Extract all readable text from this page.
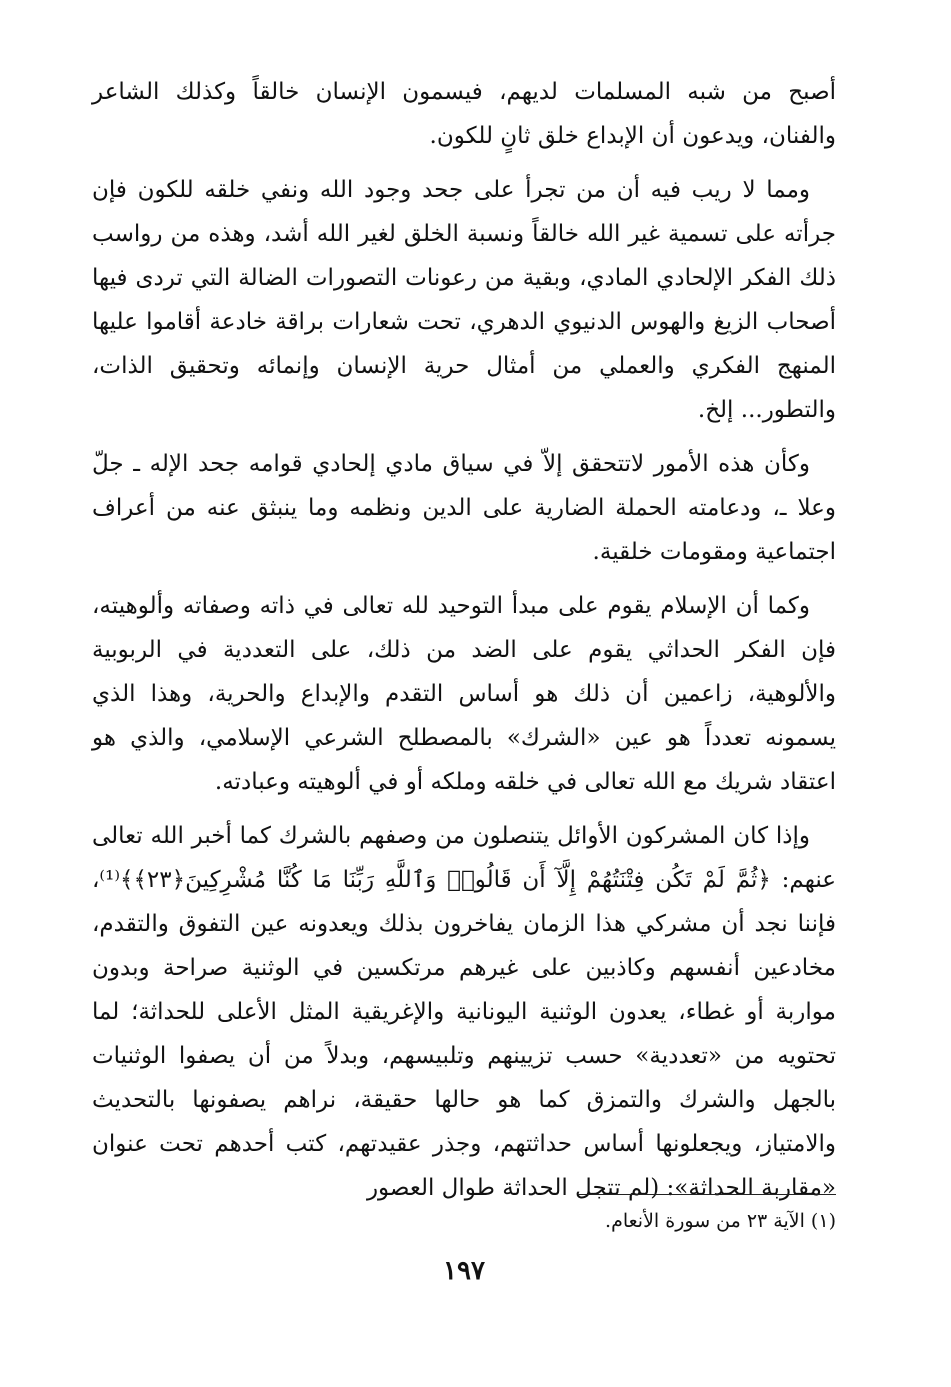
أصبح من شبه المسلمات لديهم، فيسمون الإنسان خالقاً وكذلك الشاعر والفنان، ويدعون أن الإبداع خلق ثانٍ للكون.

ومما لا ريب فيه أن من تجرأ على جحد وجود الله ونفي خلقه للكون فإن جرأته على تسمية غير الله خالقاً ونسبة الخلق لغير الله أشد، وهذه من رواسب ذلك الفكر الإلحادي المادي، وبقية من رعونات التصورات الضالة التي تردى فيها أصحاب الزيغ والهوس الدنيوي الدهري، تحت شعارات براقة خادعة أقاموا عليها المنهج الفكري والعملي من أمثال حرية الإنسان وإنمائه وتحقيق الذات، والتطور... إلخ.

وكأن هذه الأمور لاتتحقق إلاّ في سياق مادي إلحادي قوامه جحد الإله ـ جلّ وعلا ـ، ودعامته الحملة الضارية على الدين ونظمه وما ينبثق عنه من أعراف اجتماعية ومقومات خلقية.

وكما أن الإسلام يقوم على مبدأ التوحيد لله تعالى في ذاته وصفاته وألوهيته، فإن الفكر الحداثي يقوم على الضد من ذلك، على التعددية في الربوبية والألوهية، زاعمين أن ذلك هو أساس التقدم والإبداع والحرية، وهذا الذي يسمونه تعدداً هو عين «الشرك» بالمصطلح الشرعي الإسلامي، والذي هو اعتقاد شريك مع الله تعالى في خلقه وملكه أو في ألوهيته وعبادته.

وإذا كان المشركون الأوائل يتنصلون من وصفهم بالشرك كما أخبر الله تعالى عنهم: ﴿ثُمَّ لَمْ تَكُن فِتْنَتُهُمْ إِلَّآ أَن قَالُوا۟ وَٱللَّهِ رَبِّنَا مَا كُنَّا مُشْرِكِينَ﴿٢٣﴾﴾⁽¹⁾، فإننا نجد أن مشركي هذا الزمان يفاخرون بذلك ويعدونه عين التفوق والتقدم، مخادعين أنفسهم وكاذبين على غيرهم مرتكسين في الوثنية صراحة وبدون مواربة أو غطاء، يعدون الوثنية اليونانية والإغريقية المثل الأعلى للحداثة؛ لما تحتويه من «تعددية» حسب تزيينهم وتلبيسهم، وبدلاً من أن يصفوا الوثنيات بالجهل والشرك والتمزق كما هو حالها حقيقة، نراهم يصفونها بالتحديث والامتياز، ويجعلونها أساس حداثتهم، وجذر عقيدتهم، كتب أحدهم تحت عنوان «مقاربة الحداثة»: (لم تتجل الحداثة طوال العصور

(١) الآية ٢٣ من سورة الأنعام.
١٩٧
